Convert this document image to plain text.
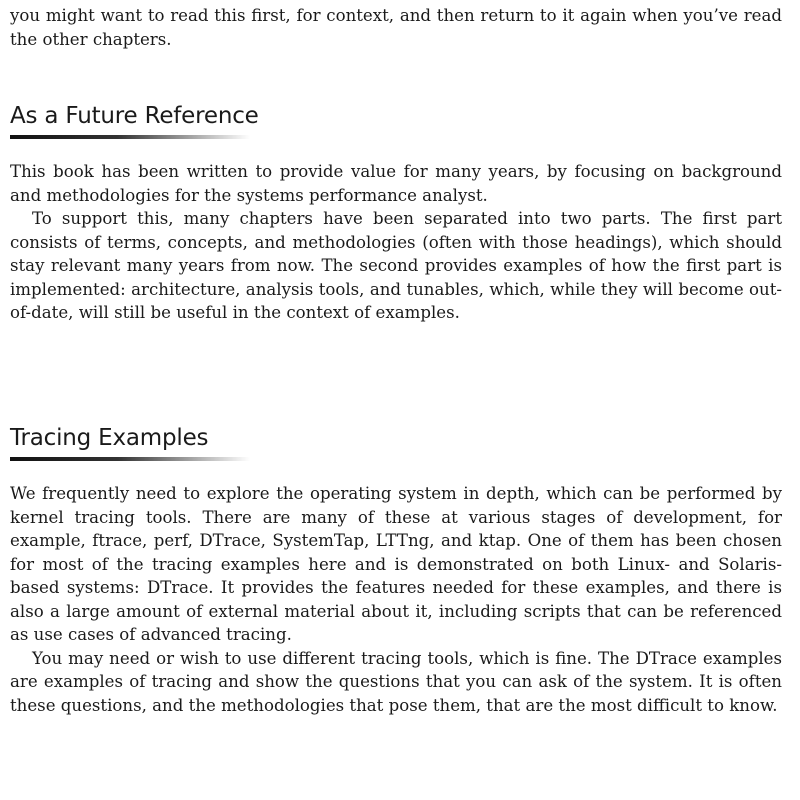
you might want to read this first, for context, and then return to it again when you’ve read the other chapters.

As a Future Reference

This book has been written to provide value for many years, by focusing on background and methodologies for the systems performance analyst.

To support this, many chapters have been separated into two parts. The first part consists of terms, concepts, and methodologies (often with those headings), which should stay relevant many years from now. The second provides examples of how the first part is implemented: architecture, analysis tools, and tunables, which, while they will become out-of-date, will still be useful in the context of examples.

Tracing Examples

We frequently need to explore the operating system in depth, which can be performed by kernel tracing tools. There are many of these at various stages of development, for example, ftrace, perf, DTrace, SystemTap, LTTng, and ktap. One of them has been chosen for most of the tracing examples here and is demonstrated on both Linux- and Solaris-based systems: DTrace. It provides the features needed for these examples, and there is also a large amount of external material about it, including scripts that can be referenced as use cases of advanced tracing.

You may need or wish to use different tracing tools, which is fine. The DTrace examples are examples of tracing and show the questions that you can ask of the system. It is often these questions, and the methodologies that pose them, that are the most difficult to know.
